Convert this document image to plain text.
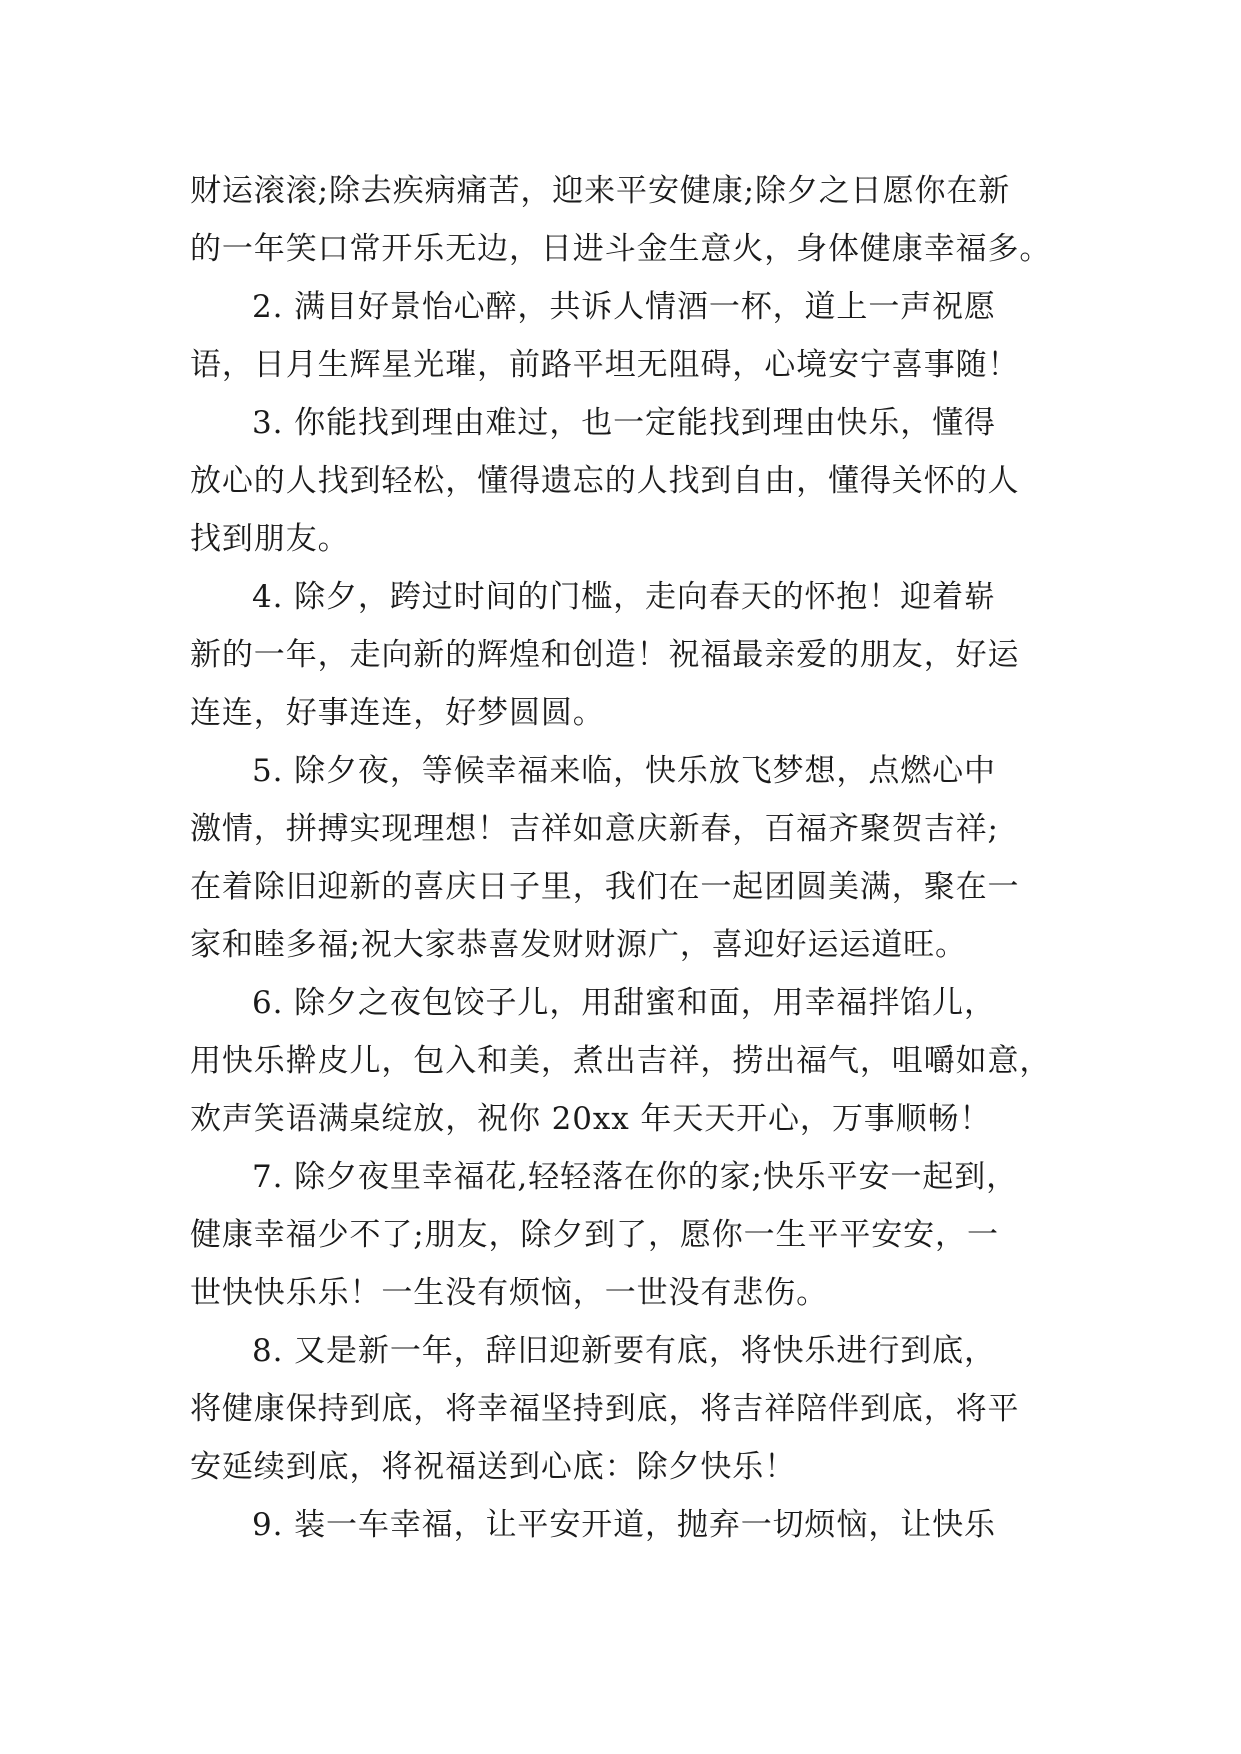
财运滚滚;除去疾病痛苦，迎来平安健康;除夕之日愿你在新
的一年笑口常开乐无边，日进斗金生意火，身体健康幸福多。
2. 满目好景怡心醉，共诉人情酒一杯，道上一声祝愿
语，日月生辉星光璀，前路平坦无阻碍，心境安宁喜事随！
3. 你能找到理由难过，也一定能找到理由快乐，懂得
放心的人找到轻松，懂得遗忘的人找到自由，懂得关怀的人
找到朋友。
4. 除夕，跨过时间的门槛，走向春天的怀抱！迎着崭
新的一年，走向新的辉煌和创造！祝福最亲爱的朋友，好运
连连，好事连连，好梦圆圆。
5. 除夕夜，等候幸福来临，快乐放飞梦想，点燃心中
激情，拼搏实现理想！吉祥如意庆新春，百福齐聚贺吉祥;
在着除旧迎新的喜庆日子里，我们在一起团圆美满，聚在一
家和睦多福;祝大家恭喜发财财源广，喜迎好运运道旺。
6. 除夕之夜包饺子儿，用甜蜜和面，用幸福拌馅儿，
用快乐擀皮儿，包入和美，煮出吉祥，捞出福气，咀嚼如意，
欢声笑语满桌绽放，祝你 20xx 年天天开心，万事顺畅！
7. 除夕夜里幸福花,轻轻落在你的家;快乐平安一起到，
健康幸福少不了;朋友，除夕到了，愿你一生平平安安，一
世快快乐乐！一生没有烦恼，一世没有悲伤。
8. 又是新一年，辞旧迎新要有底，将快乐进行到底，
将健康保持到底，将幸福坚持到底，将吉祥陪伴到底，将平
安延续到底，将祝福送到心底：除夕快乐！
9. 装一车幸福，让平安开道，抛弃一切烦恼，让快乐
